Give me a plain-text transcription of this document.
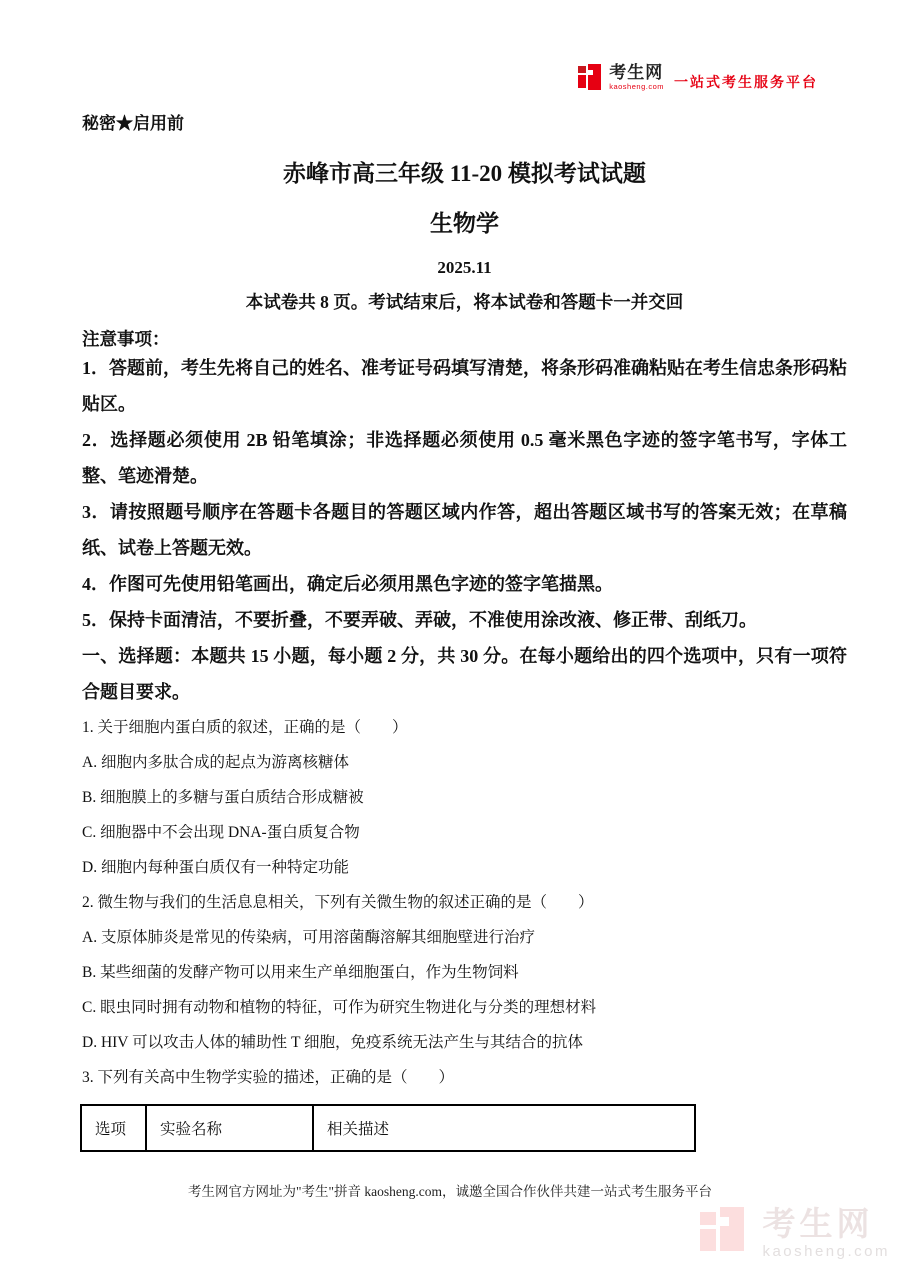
考生网
kaosheng.com 一站式考生服务平台
秘密★启用前
赤峰市高三年级 11-20 模拟考试试题
生物学
2025.11
本试卷共 8 页。考试结束后，将本试卷和答题卡一并交回
注意事项：

1．答题前，考生先将自己的姓名、准考证号码填写清楚，将条形码准确粘贴在考生信忠条形码粘贴区。

2．选择题必须使用 2B 铅笔填涂；非选择题必须使用 0.5 毫米黑色字迹的签字笔书写，字体工整、笔迹滑楚。

3．请按照题号顺序在答题卡各题目的答题区域内作答，超出答题区域书写的答案无效；在草稿纸、试卷上答题无效。

4．作图可先使用铅笔画出，确定后必须用黑色字迹的签字笔描黑。

5．保持卡面清洁，不要折叠，不要弄破、弄破，不准使用涂改液、修正带、刮纸刀。

一、选择题：本题共 15 小题，每小题 2 分，共 30 分。在每小题给出的四个选项中，只有一项符合题目要求。

1. 关于细胞内蛋白质的叙述，正确的是（　　）

A. 细胞内多肽合成的起点为游离核糖体

B. 细胞膜上的多糖与蛋白质结合形成糖被

C. 细胞器中不会出现 DNA-蛋白质复合物

D. 细胞内每种蛋白质仅有一种特定功能

2. 微生物与我们的生活息息相关，下列有关微生物的叙述正确的是（　　）

A. 支原体肺炎是常见的传染病，可用溶菌酶溶解其细胞壁进行治疗

B. 某些细菌的发酵产物可以用来生产单细胞蛋白，作为生物饲料

C. 眼虫同时拥有动物和植物的特征，可作为研究生物进化与分类的理想材料

D. HIV 可以攻击人体的辅助性 T 细胞，免疫系统无法产生与其结合的抗体

3. 下列有关高中生物学实验的描述，正确的是（　　）

选项	实验名称	相关描述
考生网官方网址为"考生"拼音 kaosheng.com，诚邀全国合作伙伴共建一站式考生服务平台
考生网
kaosheng.com
